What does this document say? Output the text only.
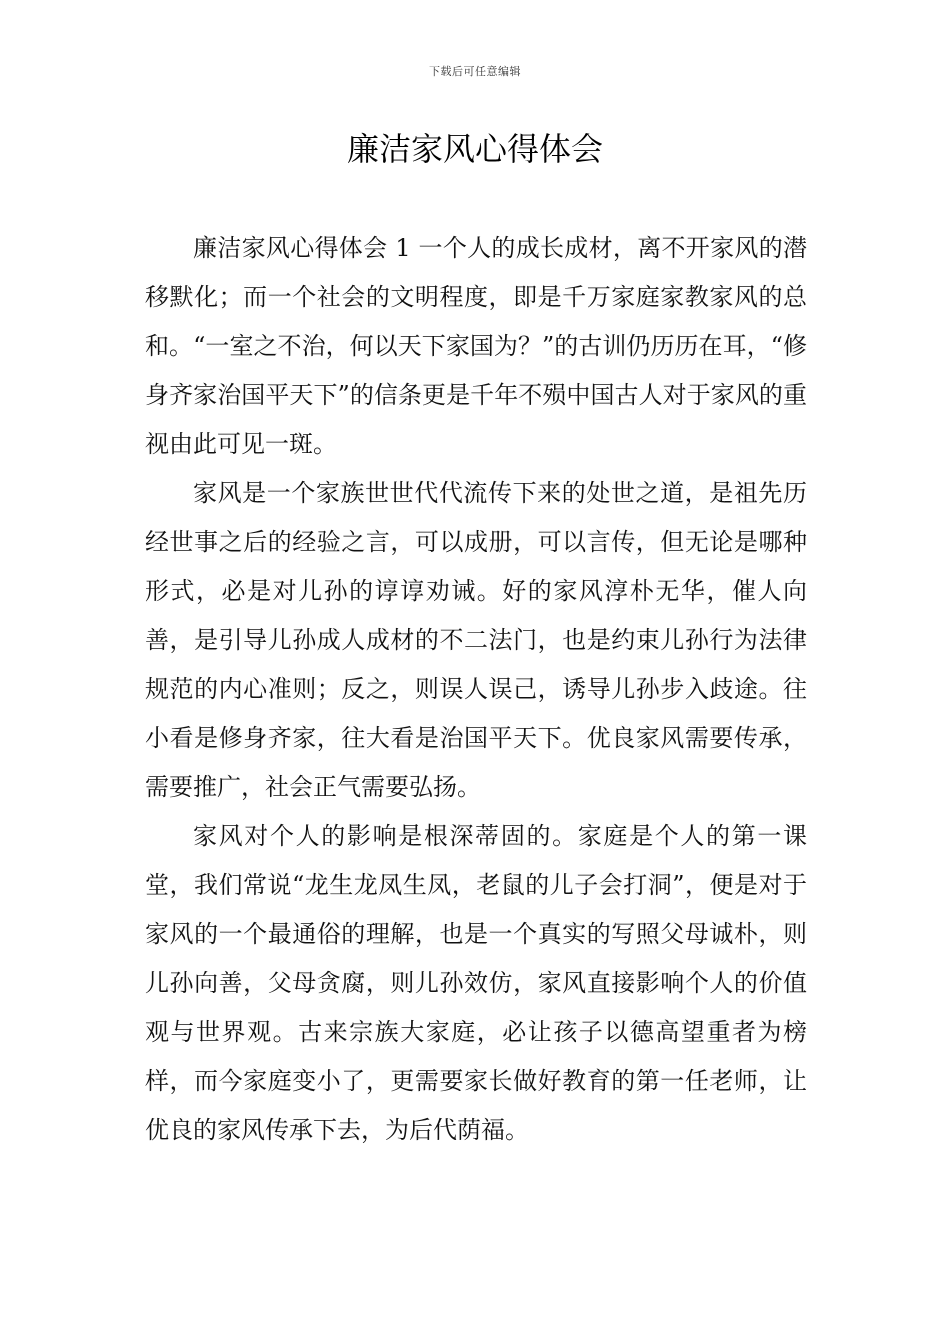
下载后可任意编辑
廉洁家风心得体会

廉洁家风心得体会 1 一个人的成长成材，离不开家风的潜移默化；而一个社会的文明程度，即是千万家庭家教家风的总和。“一室之不治，何以天下家国为？”的古训仍历历在耳，“修身齐家治国平天下”的信条更是千年不殒中国古人对于家风的重视由此可见一斑。

家风是一个家族世世代代流传下来的处世之道，是祖先历经世事之后的经验之言，可以成册，可以言传，但无论是哪种形式，必是对儿孙的谆谆劝诫。好的家风淳朴无华，催人向善，是引导儿孙成人成材的不二法门，也是约束儿孙行为法律规范的内心准则；反之，则误人误己，诱导儿孙步入歧途。往小看是修身齐家，往大看是治国平天下。优良家风需要传承，需要推广，社会正气需要弘扬。

家风对个人的影响是根深蒂固的。家庭是个人的第一课堂，我们常说“龙生龙凤生凤，老鼠的儿子会打洞”，便是对于家风的一个最通俗的理解，也是一个真实的写照父母诚朴，则儿孙向善，父母贪腐，则儿孙效仿，家风直接影响个人的价值观与世界观。古来宗族大家庭，必让孩子以德高望重者为榜样，而今家庭变小了，更需要家长做好教育的第一任老师，让优良的家风传承下去，为后代荫福。
